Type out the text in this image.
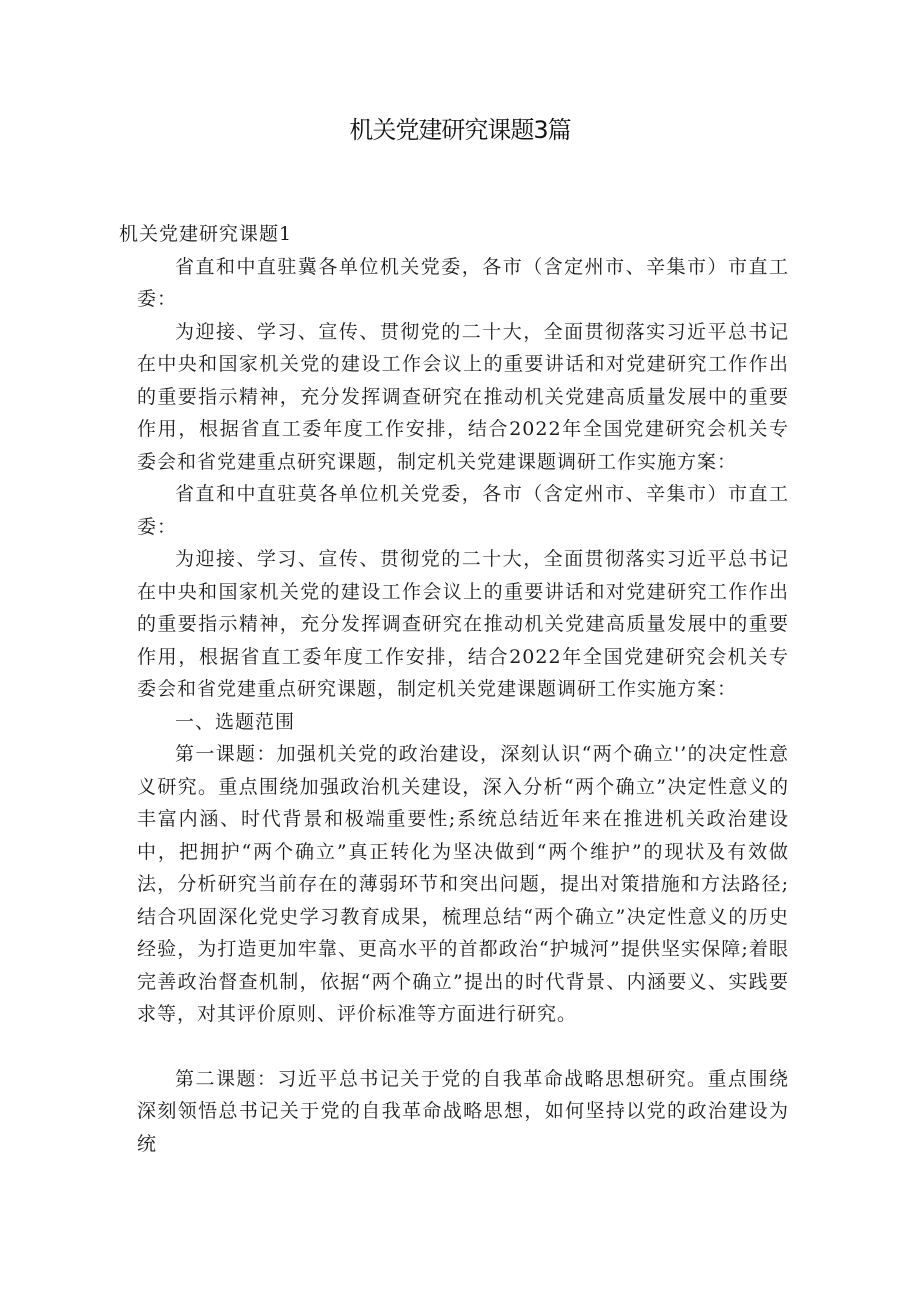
机关党建研究课题3篇

机关党建研究课题1

省直和中直驻冀各单位机关党委，各市（含定州市、辛集市）市直工委：

为迎接、学习、宣传、贯彻党的二十大，全面贯彻落实习近平总书记在中央和国家机关党的建设工作会议上的重要讲话和对党建研究工作作出的重要指示精神，充分发挥调查研究在推动机关党建高质量发展中的重要作用，根据省直工委年度工作安排，结合2022年全国党建研究会机关专委会和省党建重点研究课题，制定机关党建课题调研工作实施方案：

省直和中直驻莫各单位机关党委，各市（含定州市、辛集市）市直工委：

为迎接、学习、宣传、贯彻党的二十大，全面贯彻落实习近平总书记在中央和国家机关党的建设工作会议上的重要讲话和对党建研究工作作出的重要指示精神，充分发挥调查研究在推动机关党建高质量发展中的重要作用，根据省直工委年度工作安排，结合2022年全国党建研究会机关专委会和省党建重点研究课题，制定机关党建课题调研工作实施方案：

一、选题范围

第一课题：加强机关党的政治建设，深刻认识“两个确立'’的决定性意义研究。重点围绕加强政治机关建设，深入分析“两个确立”决定性意义的丰富内涵、时代背景和极端重要性;系统总结近年来在推进机关政治建设中，把拥护“两个确立”真正转化为坚决做到“两个维护”的现状及有效做法，分析研究当前存在的薄弱环节和突出问题，提出对策措施和方法路径;结合巩固深化党史学习教育成果，梳理总结“两个确立”决定性意义的历史经验，为打造更加牢靠、更高水平的首都政治“护城河”提供坚实保障;着眼完善政治督查机制，依据“两个确立”提出的时代背景、内涵要义、实践要求等，对其评价原则、评价标准等方面进行研究。

第二课题：习近平总书记关于党的自我革命战略思想研究。重点围绕深刻领悟总书记关于党的自我革命战略思想，如何坚持以党的政治建设为统
